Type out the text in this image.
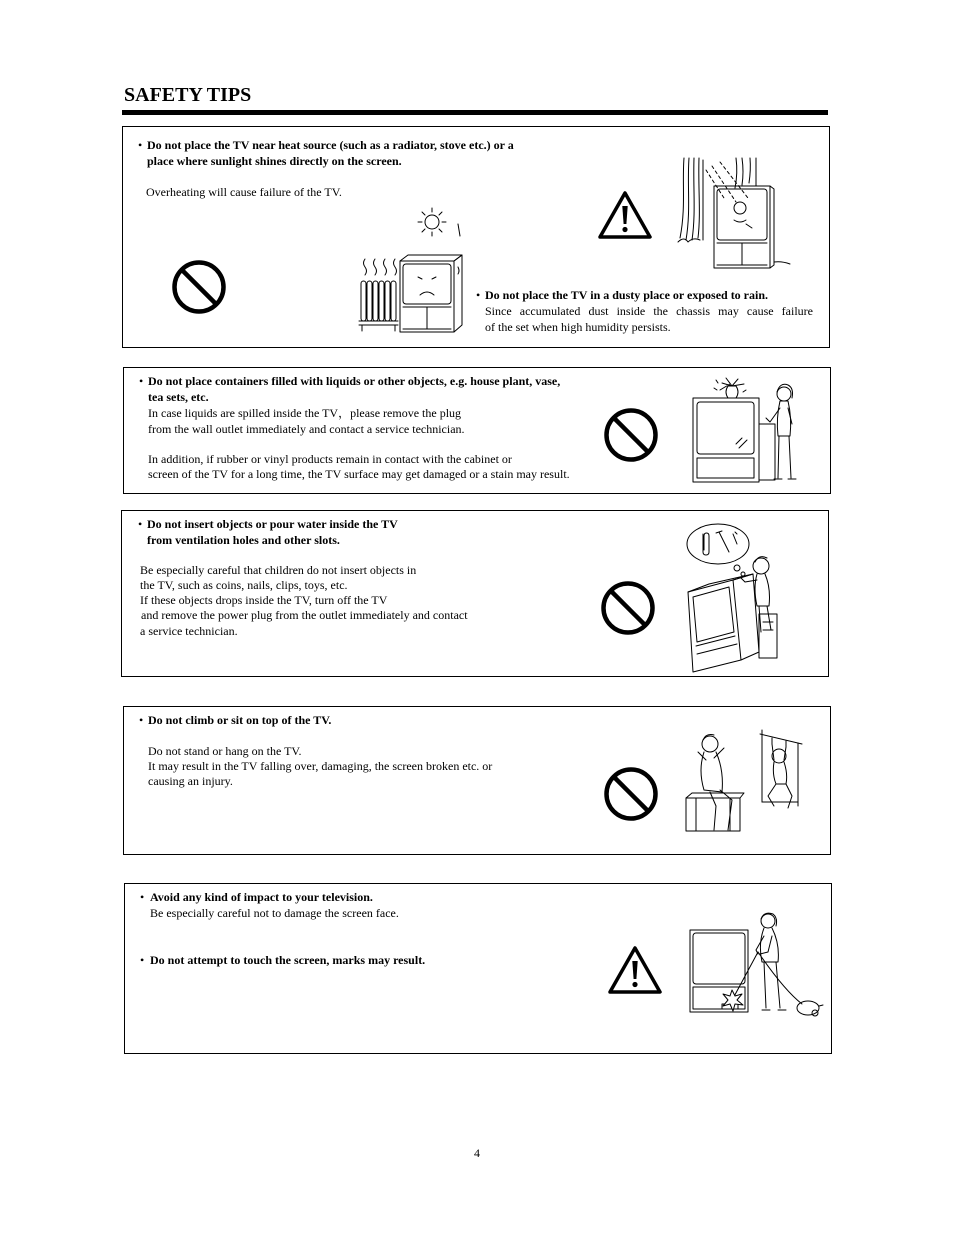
SAFETY TIPS
• Do not place the TV near heat source (such as a radiator, stove etc.) or a
place where sunlight shines directly on the screen.
Overheating will cause failure of the TV.
• Do not place the TV in a dusty place or exposed to rain.
Since accumulated dust inside the chassis may cause failure
of the set when high humidity persists.
• Do not place containers filled with liquids or other objects, e.g. house plant, vase,
tea sets, etc.
In case liquids are spilled inside the TV，please remove the plug
from the wall outlet immediately and contact a service technician.
In addition, if rubber or vinyl products remain in contact with the cabinet or
screen of the TV for a long time, the TV surface may get damaged or a stain may result.
• Do not insert objects or pour water inside the TV
from ventilation holes and other slots.
Be especially careful that children do not insert objects in
the TV, such as coins, nails, clips, toys, etc.
If these objects drops inside the TV, turn off the TV
and remove the power plug from the outlet immediately and contact
a service technician.
• Do not climb or sit on top of the TV.
Do not stand or hang on the TV.
It may result in the TV falling over, damaging, the screen broken etc. or
causing an injury.
• Avoid any kind of impact to your television.
Be especially careful not to damage the screen face.
• Do not attempt to touch the screen, marks may result.
4
